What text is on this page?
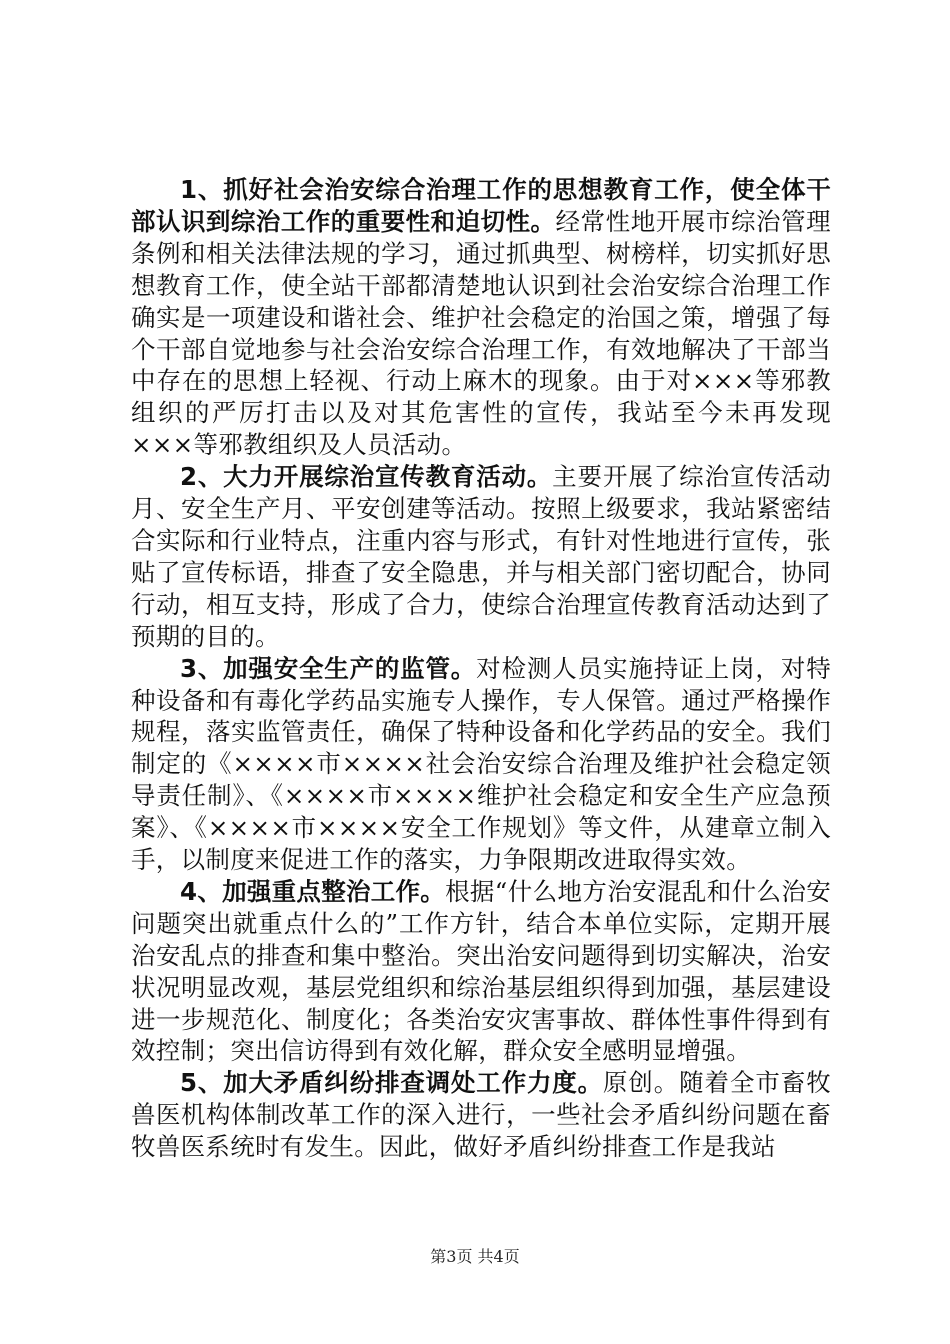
1、抓好社会治安综合治理工作的思想教育工作，使全体干部认识到综治工作的重要性和迫切性。经常性地开展市综治管理条例和相关法律法规的学习，通过抓典型、树榜样，切实抓好思想教育工作，使全站干部都清楚地认识到社会治安综合治理工作确实是一项建设和谐社会、维护社会稳定的治国之策，增强了每个干部自觉地参与社会治安综合治理工作，有效地解决了干部当中存在的思想上轻视、行动上麻木的现象。由于对×××等邪教组织的严厉打击以及对其危害性的宣传，我站至今未再发现×××等邪教组织及人员活动。

2、大力开展综治宣传教育活动。主要开展了综治宣传活动月、安全生产月、平安创建等活动。按照上级要求，我站紧密结合实际和行业特点，注重内容与形式，有针对性地进行宣传，张贴了宣传标语，排查了安全隐患，并与相关部门密切配合，协同行动，相互支持，形成了合力，使综合治理宣传教育活动达到了预期的目的。

3、加强安全生产的监管。对检测人员实施持证上岗，对特种设备和有毒化学药品实施专人操作，专人保管。通过严格操作规程，落实监管责任，确保了特种设备和化学药品的安全。我们制定的《××××市××××社会治安综合治理及维护社会稳定领导责任制》、《××××市××××维护社会稳定和安全生产应急预案》、《××××市××××安全工作规划》等文件，从建章立制入手，以制度来促进工作的落实，力争限期改进取得实效。

4、加强重点整治工作。根据“什么地方治安混乱和什么治安问题突出就重点什么的”工作方针，结合本单位实际，定期开展治安乱点的排查和集中整治。突出治安问题得到切实解决，治安状况明显改观，基层党组织和综治基层组织得到加强，基层建设进一步规范化、制度化；各类治安灾害事故、群体性事件得到有效控制；突出信访得到有效化解，群众安全感明显增强。

5、加大矛盾纠纷排查调处工作力度。原创。随着全市畜牧兽医机构体制改革工作的深入进行，一些社会矛盾纠纷问题在畜牧兽医系统时有发生。因此，做好矛盾纠纷排查工作是我站

第3页 共4页
